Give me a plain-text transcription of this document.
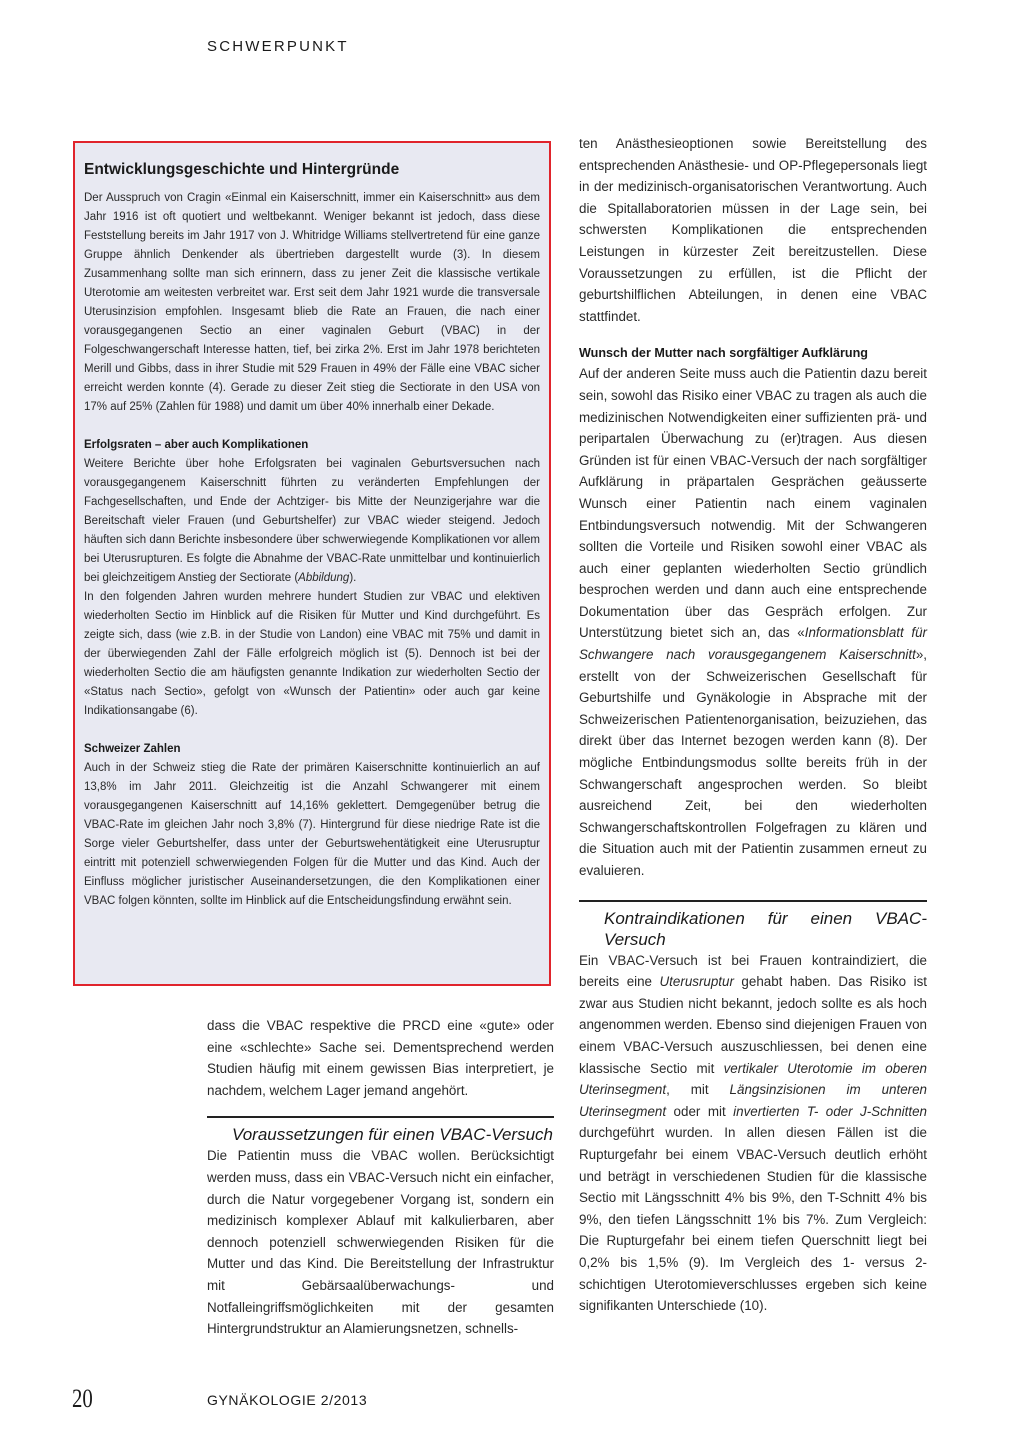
SCHWERPUNKT
Entwicklungsgeschichte und Hintergründe

Der Ausspruch von Cragin «Einmal ein Kaiserschnitt, immer ein Kaiserschnitt» aus dem Jahr 1916 ist oft quotiert und weltbekannt. Weniger bekannt ist jedoch, dass diese Feststellung bereits im Jahr 1917 von J. Whitridge Williams stellvertretend für eine ganze Gruppe ähnlich Denkender als übertrieben dargestellt wurde (3). In diesem Zusammenhang sollte man sich erinnern, dass zu jener Zeit die klassische vertikale Uterotomie am weitesten verbreitet war. Erst seit dem Jahr 1921 wurde die transversale Uterusinzision empfohlen. Insgesamt blieb die Rate an Frauen, die nach einer vorausgegangenen Sectio an einer vaginalen Geburt (VBAC) in der Folgeschwangerschaft Interesse hatten, tief, bei zirka 2%. Erst im Jahr 1978 berichteten Merill und Gibbs, dass in ihrer Studie mit 529 Frauen in 49% der Fälle eine VBAC sicher erreicht werden konnte (4). Gerade zu dieser Zeit stieg die Sectiorate in den USA von 17% auf 25% (Zahlen für 1988) und damit um über 40% innerhalb einer Dekade.

Erfolgsraten – aber auch Komplikationen

Weitere Berichte über hohe Erfolgsraten bei vaginalen Geburtsversuchen nach vorausgegangenem Kaiserschnitt führten zu veränderten Empfehlungen der Fachgesellschaften, und Ende der Achtziger- bis Mitte der Neunzigerjahre war die Bereitschaft vieler Frauen (und Geburtshelfer) zur VBAC wieder steigend. Jedoch häuften sich dann Berichte insbesondere über schwerwiegende Komplikationen vor allem bei Uterusrupturen. Es folgte die Abnahme der VBAC-Rate unmittelbar und kontinuierlich bei gleichzeitigem Anstieg der Sectiorate (Abbildung).

In den folgenden Jahren wurden mehrere hundert Studien zur VBAC und elektiven wiederholten Sectio im Hinblick auf die Risiken für Mutter und Kind durchgeführt. Es zeigte sich, dass (wie z.B. in der Studie von Landon) eine VBAC mit 75% und damit in der überwiegenden Zahl der Fälle erfolgreich möglich ist (5). Dennoch ist bei der wiederholten Sectio die am häufigsten genannte Indikation zur wiederholten Sectio der «Status nach Sectio», gefolgt von «Wunsch der Patientin» oder auch gar keine Indikationsangabe (6).

Schweizer Zahlen

Auch in der Schweiz stieg die Rate der primären Kaiserschnitte kontinuierlich an auf 13,8% im Jahr 2011. Gleichzeitig ist die Anzahl Schwangerer mit einem vorausgegangenen Kaiserschnitt auf 14,16% geklettert. Demgegenüber betrug die VBAC-Rate im gleichen Jahr noch 3,8% (7). Hintergrund für diese niedrige Rate ist die Sorge vieler Geburtshelfer, dass unter der Geburtswehentätigkeit eine Uterusruptur eintritt mit potenziell schwerwiegenden Folgen für die Mutter und das Kind. Auch der Einfluss möglicher juristischer Auseinandersetzungen, die den Komplikationen einer VBAC folgen könnten, sollte im Hinblick auf die Entscheidungsfindung erwähnt sein.

dass die VBAC respektive die PRCD eine «gute» oder eine «schlechte» Sache sei. Dementsprechend werden Studien häufig mit einem gewissen Bias interpretiert, je nachdem, welchem Lager jemand angehört.

Voraussetzungen für einen VBAC-Versuch

Die Patientin muss die VBAC wollen. Berücksichtigt werden muss, dass ein VBAC-Versuch nicht ein einfacher, durch die Natur vorgegebener Vorgang ist, sondern ein medizinisch komplexer Ablauf mit kalkulierbaren, aber dennoch potenziell schwerwiegenden Risiken für die Mutter und das Kind. Die Bereitstellung der Infrastruktur mit Gebärsaalüberwachungs- und Notfalleingriffsmöglichkeiten mit der gesamten Hintergrundstruktur an Alamierungsnetzen, schnells-

ten Anästhesieoptionen sowie Bereitstellung des entsprechenden Anästhesie- und OP-Pflegepersonals liegt in der medizinisch-organisatorischen Verantwortung. Auch die Spitallaboratorien müssen in der Lage sein, bei schwersten Komplikationen die entsprechenden Leistungen in kürzester Zeit bereitzustellen. Diese Voraussetzungen zu erfüllen, ist die Pflicht der geburtshilflichen Abteilungen, in denen eine VBAC stattfindet.

Wunsch der Mutter nach sorgfältiger Aufklärung

Auf der anderen Seite muss auch die Patientin dazu bereit sein, sowohl das Risiko einer VBAC zu tragen als auch die medizinischen Notwendigkeiten einer suffizienten prä- und peripartalen Überwachung zu (er)tragen. Aus diesen Gründen ist für einen VBAC-Versuch der nach sorgfältiger Aufklärung in präpartalen Gesprächen geäusserte Wunsch einer Patientin nach einem vaginalen Entbindungsversuch notwendig. Mit der Schwangeren sollten die Vorteile und Risiken sowohl einer VBAC als auch einer geplanten wiederholten Sectio gründlich besprochen werden und dann auch eine entsprechende Dokumentation über das Gespräch erfolgen. Zur Unterstützung bietet sich an, das «Informationsblatt für Schwangere nach vorausgegangenem Kaiserschnitt», erstellt von der Schweizerischen Gesellschaft für Geburtshilfe und Gynäkologie in Absprache mit der Schweizerischen Patientenorganisation, beizuziehen, das direkt über das Internet bezogen werden kann (8). Der mögliche Entbindungsmodus sollte bereits früh in der Schwangerschaft angesprochen werden. So bleibt ausreichend Zeit, bei den wiederholten Schwangerschaftskontrollen Folgefragen zu klären und die Situation auch mit der Patientin zusammen erneut zu evaluieren.

Kontraindikationen für einen VBAC-Versuch

Ein VBAC-Versuch ist bei Frauen kontraindiziert, die bereits eine Uterusruptur gehabt haben. Das Risiko ist zwar aus Studien nicht bekannt, jedoch sollte es als hoch angenommen werden. Ebenso sind diejenigen Frauen von einem VBAC-Versuch auszuschliessen, bei denen eine klassische Sectio mit vertikaler Uterotomie im oberen Uterinsegment, mit Längsinzisionen im unteren Uterinsegment oder mit invertierten T- oder J-Schnitten durchgeführt wurden. In allen diesen Fällen ist die Rupturgefahr bei einem VBAC-Versuch deutlich erhöht und beträgt in verschiedenen Studien für die klassische Sectio mit Längsschnitt 4% bis 9%, den T-Schnitt 4% bis 9%, den tiefen Längsschnitt 1% bis 7%. Zum Vergleich: Die Rupturgefahr bei einem tiefen Querschnitt liegt bei 0,2% bis 1,5% (9). Im Vergleich des 1- versus 2-schichtigen Uterotomieverschlusses ergeben sich keine signifikanten Unterschiede (10).

20	GYNÄKOLOGIE 2/2013
